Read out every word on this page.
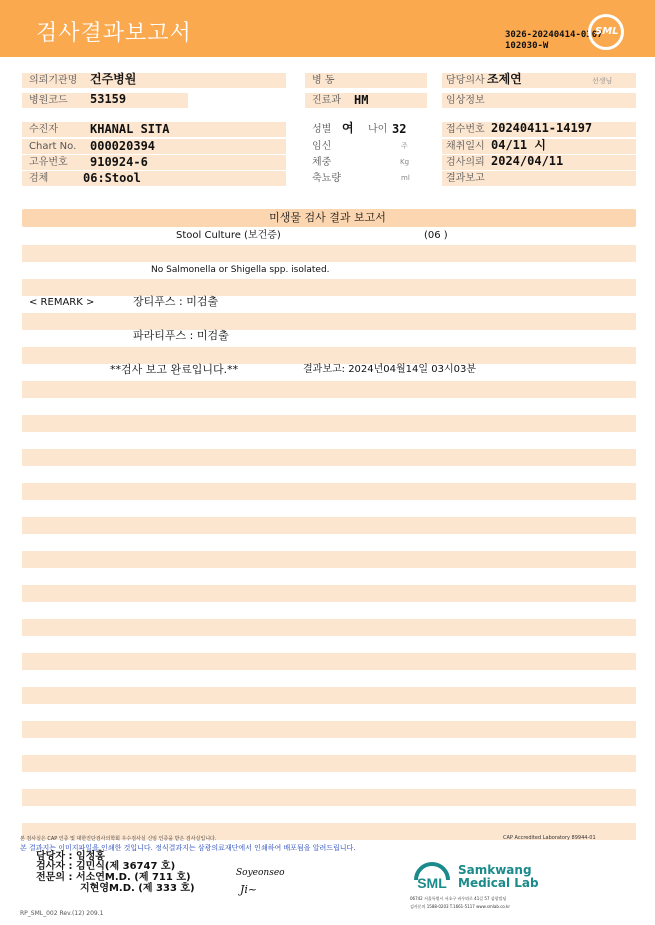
검사결과보고서	3026-20240414-0307
102030-W
SML
의뢰기관명 건주병원
병원코드 53159
병 동
진료과 HM
담당의사 조제연	선생님
임상정보
수진자	KHANAL SITA
Chart No. 000020394
고유번호 910924-6
검체	06:Stool
성별 여 나이 32
임신	주
체중	Kg
축뇨량	ml
접수번호 20240411-14197
채취일시 04/11 시
검사의뢰 2024/04/11
결과보고
미생물 검사 결과 보고서
Stool Culture (보건증)	(06 )
No Salmonella or Shigella spp. isolated.
< REMARK >	장티푸스 : 미검출
파라티푸스 : 미검출
**검사 보고 완료입니다.**	결과보고: 2024년04월14일 03시03분
본 검사실은 CAP 인증 및 대한진단검사의학회 우수검사실 신임 인증을 받은 검사실입니다.	CAP Accredited Laboratory 89944-01
본 결과지는 이미지파일을 인쇄한 것입니다. 정식결과지는 삼광의료재단에서 인쇄하여 배포됨을 알려드립니다.
담당자 : 임정홍
검사자 : 김민식(제 36747 호)
전문의 : 서소연M.D. (제 711 호)
지현영M.D. (제 333 호)
Soyeonseo
Ji~	SML
Samkwang
Medical Lab
06742 서울특별시 서초구 바우뫼로 41길 57 삼광빌딩
검사문의 1588-0203 T.1661-5117 www.smlab.co.kr
RP_SML_002 Rev.(12) 209.1
